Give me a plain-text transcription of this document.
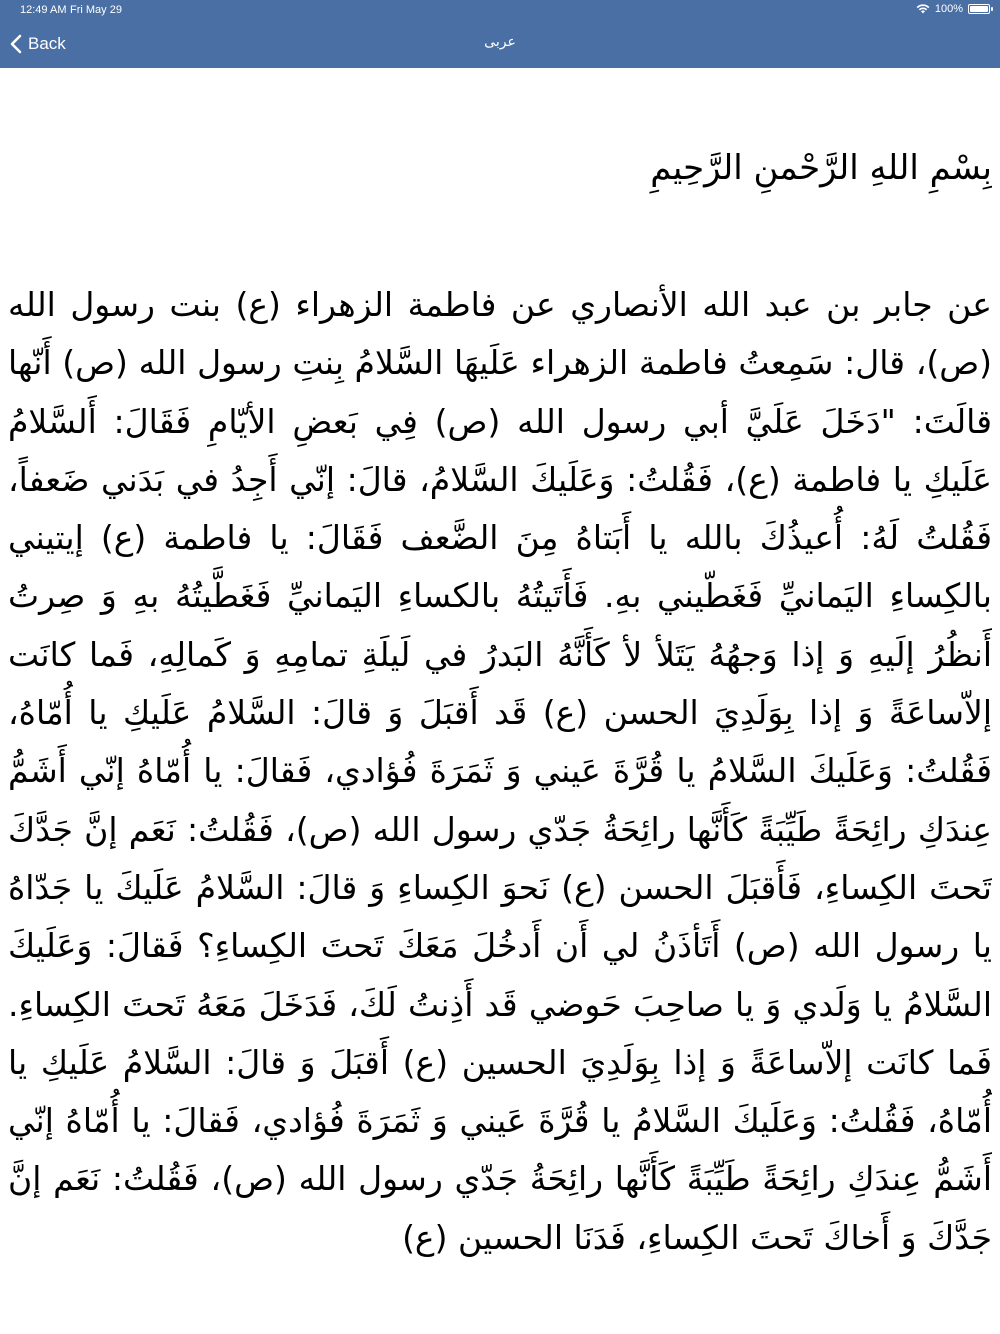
12:49 AM Fri May 29	100%
Back	عربی
بِسْمِ اللهِ الرَّحْمنِ الرَّحِيمِ
عن جابر بن عبد الله الأنصاري عن فاطمة الزهراء (ع) بنت رسول الله (ص)، قال: سَمِعتُ فاطمة الزهراء عَلَيهَا السَّلامُ بِنتِ رسول الله (ص) أَنّها قالَتَ: "دَخَلَ عَلَيَّ أبي رسول الله (ص) فِي بَعضِ الأيّامِ فَقَالَ: أَلسَّلامُ عَلَيكِ يا فاطمة (ع)، فَقُلتُ: وَعَلَيكَ السَّلامُ، قالَ: إنّي أَجِدُ في بَدَني ضَعفاً، فَقُلتُ لَهُ: أُعيذُكَ بالله يا أَبَتاهُ مِنَ الضَّعف فَقَالَ: يا فاطمة (ع) إيتيني بالكِساءِ اليَمانيِّ فَغَطّيني بهِ. فَأَتَيتُهُ بالكساءِ اليَمانيِّ فَغَطَّيتُهُ بهِ وَ صِرتُ أَنظُرُ إلَيهِ وَ إذا وَجهُهُ يَتَلأ لأ كَأَنَّهُ البَدرُ في لَيلَةِ تمامِهِ وَ كَمالِهِ، فَما كانَت إلاّساعَةً وَ إذا بِوَلَدِيَ الحسن (ع) قَد أَقبَلَ وَ قالَ: السَّلامُ عَلَيكِ يا أُمّاهُ، فَقُلتُ: وَعَلَيكَ السَّلامُ يا قُرَّةَ عَيني وَ ثَمَرَةَ فُؤادي، فَقالَ: يا أُمّاهُ إنّي أَشَمُّ عِندَكِ رائِحَةً طَيِّبَةً كَأَنَّها رائِحَةُ جَدّي رسول الله (ص)، فَقُلتُ: نَعَم إنَّ جَدَّكَ تَحتَ الكِساءِ، فَأَقبَلَ الحسن (ع) نَحوَ الكِساءِ وَ قالَ: السَّلامُ عَلَيكَ يا جَدّاهُ يا رسول الله (ص) أَتَأذَنُ لي أَن أَدخُلَ مَعَكَ تَحتَ الكِساءِ؟ فَقالَ: وَعَلَيكَ السَّلامُ يا وَلَدي وَ يا صاحِبَ حَوضي قَد أَذِنتُ لَكَ، فَدَخَلَ مَعَهُ تَحتَ الكِساءِ. فَما كانَت إلاّساعَةً وَ إذا بِوَلَدِيَ الحسين (ع) أَقبَلَ وَ قالَ: السَّلامُ عَلَيكِ يا أُمّاهُ، فَقُلتُ: وَعَلَيكَ السَّلامُ يا قُرَّةَ عَيني وَ ثَمَرَةَ فُؤادي، فَقالَ: يا أُمّاهُ إنّي أَشَمُّ عِندَكِ رائِحَةً طَيِّبَةً كَأَنَّها رائِحَةُ جَدّي رسول الله (ص)، فَقُلتُ: نَعَم إنَّ جَدَّكَ وَ أَخاكَ تَحتَ الكِساءِ، فَدَنَا الحسين (ع)
